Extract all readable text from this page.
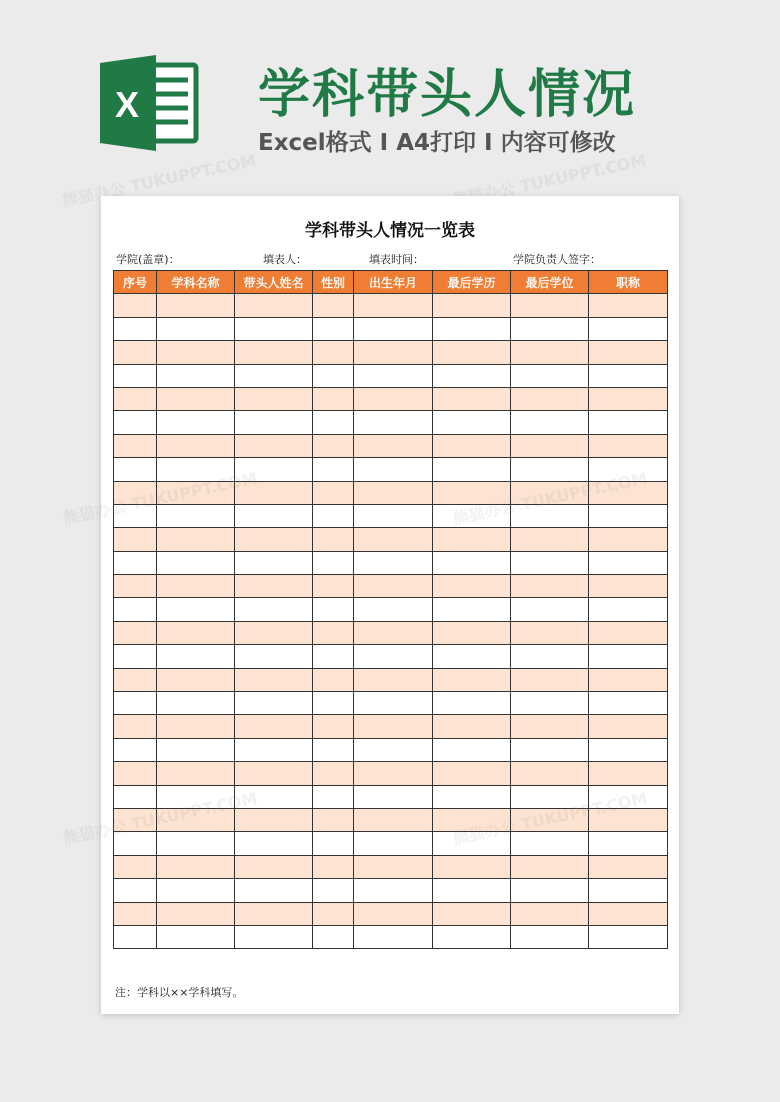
X 学科带头人情况
Excel格式 I A4打印 I 内容可修改
熊猫办公 TUKUPPT.COM	熊猫办公 TUKUPPT.COM
学科带头人情况一览表
学院(盖章)：	填表人：	填表时间：	学院负责人签字：
序号	学科名称	带头人姓名	性别	出生年月	最后学历	最后学位	职称

注：学科以××学科填写。
熊猫办公
熊猫办公
